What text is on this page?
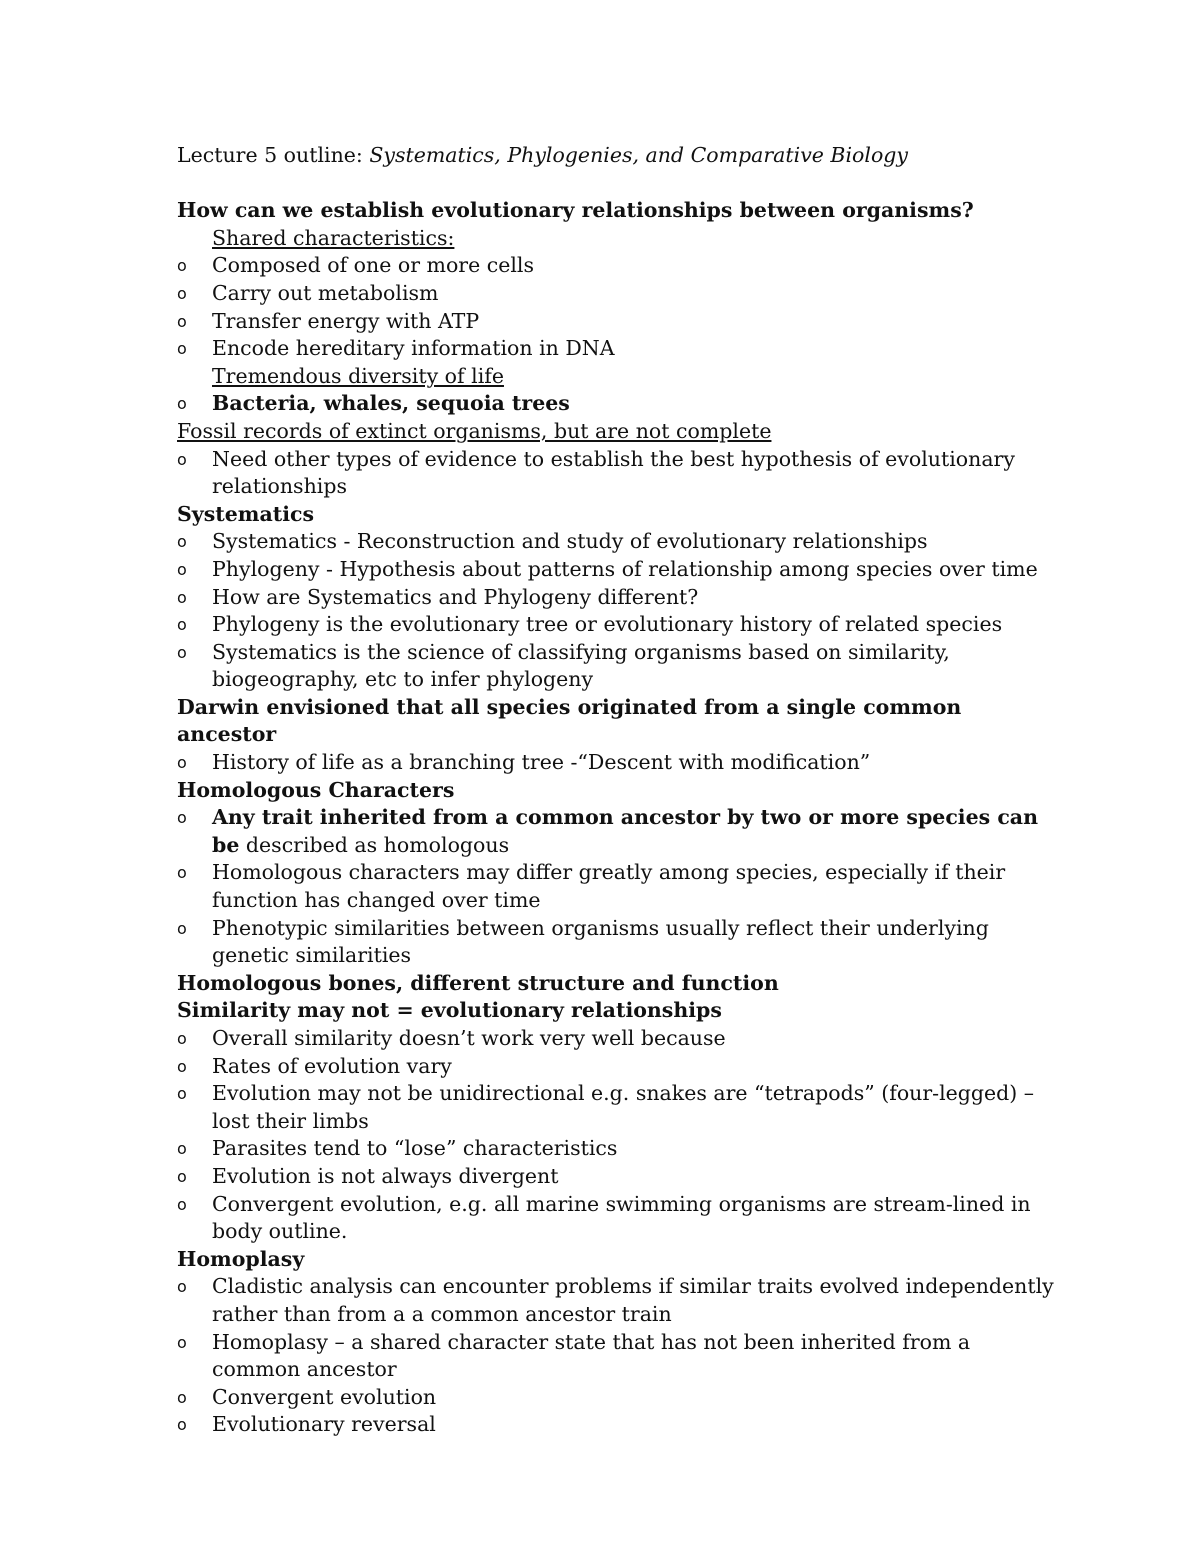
Lecture 5 outline: Systematics, Phylogenies, and Comparative Biology
How can we establish evolutionary relationships between organisms?
Shared characteristics:
o	Composed of one or more cells
o	Carry out metabolism
o	Transfer energy with ATP
o	Encode hereditary information in DNA
Tremendous diversity of life
o	Bacteria, whales, sequoia trees
Fossil records of extinct organisms, but are not complete
o	Need other types of evidence to establish the best hypothesis of evolutionary relationships
Systematics
o	Systematics - Reconstruction and study of evolutionary relationships
o	Phylogeny - Hypothesis about patterns of relationship among species over time
o	How are Systematics and Phylogeny different?
o	Phylogeny is the evolutionary tree or evolutionary history of related species
o	Systematics is the science of classifying organisms based on similarity, biogeography, etc to infer phylogeny
Darwin envisioned that all species originated from a single common ancestor
o	History of life as a branching tree -“Descent with modification”
Homologous Characters
o	Any trait inherited from a common ancestor by two or more species can be described as homologous
o	Homologous characters may differ greatly among species, especially if their function has changed over time
o	Phenotypic similarities between organisms usually reflect their underlying genetic similarities
Homologous bones, different structure and function
Similarity may not = evolutionary relationships
o	Overall similarity doesn’t work very well because
o	Rates of evolution vary
o	Evolution may not be unidirectional e.g. snakes are “tetrapods” (four-legged) – lost their limbs
o	Parasites tend to “lose” characteristics
o	Evolution is not always divergent
o	Convergent evolution, e.g. all marine swimming organisms are stream-lined in body outline.
Homoplasy
o	Cladistic analysis can encounter problems if similar traits evolved independently rather than from a a common ancestor train
o	Homoplasy – a shared character state that has not been inherited from a common ancestor
o	Convergent evolution
o	Evolutionary reversal
